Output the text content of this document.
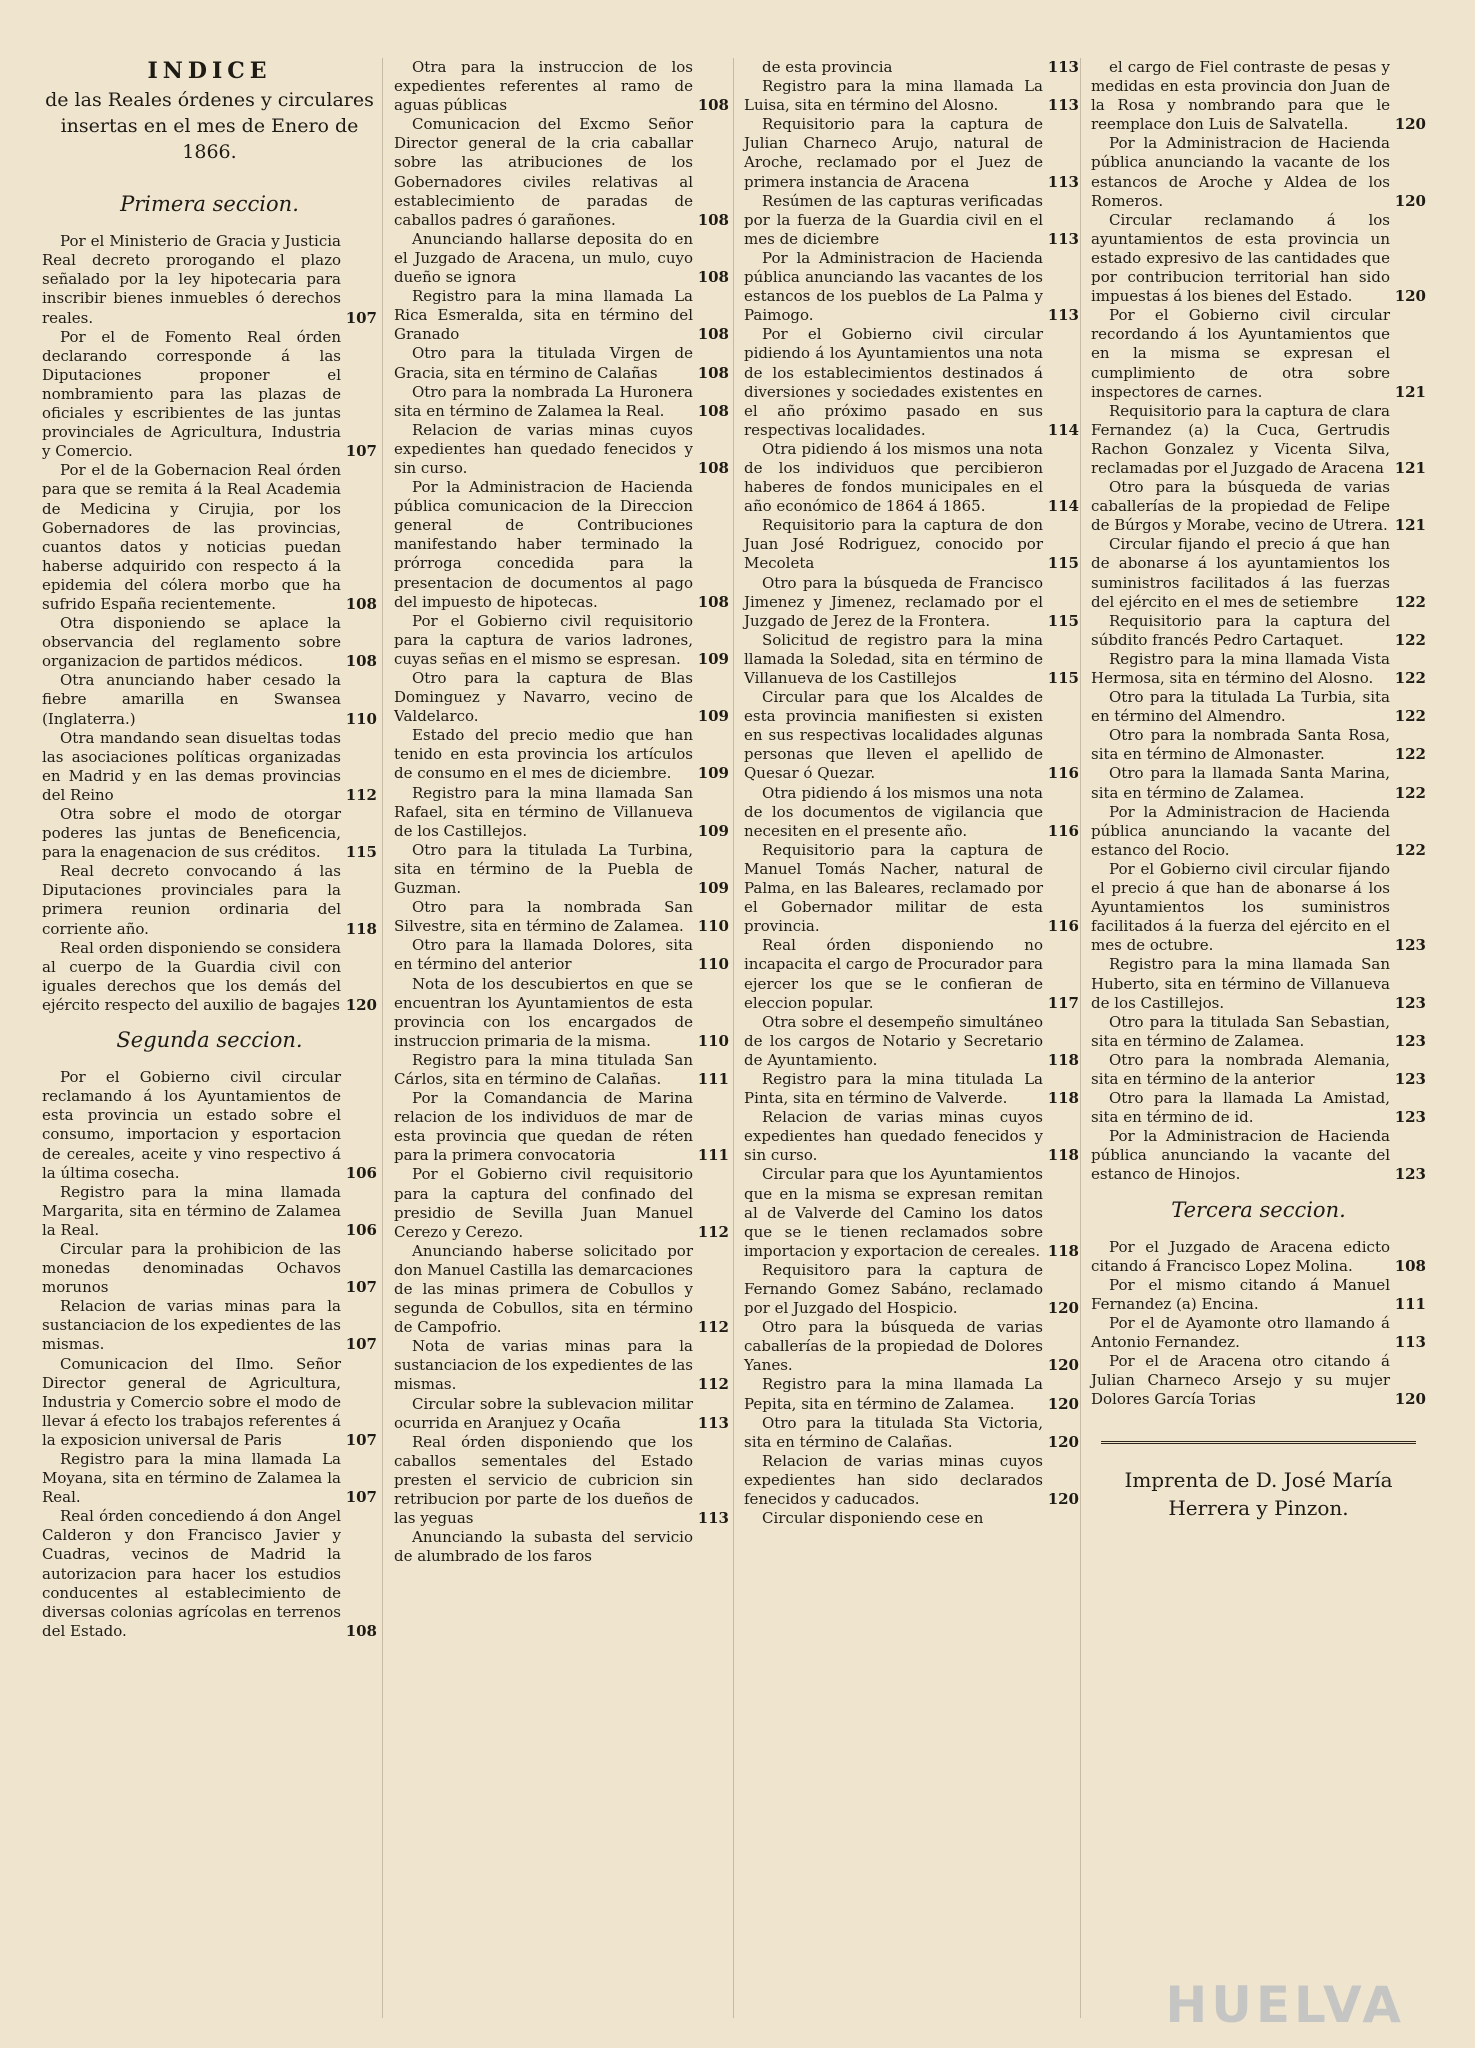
INDICE
de las Reales órdenes y circulares insertas en el mes de Enero de 1866.
Primera seccion.

Por el Ministerio de Gracia y Justicia Real decreto prorogando el plazo señalado por la ley hipotecaria para inscribir bienes inmuebles ó derechos reales.	107

Por el de Fomento Real órden declarando corresponde á las Diputaciones proponer el nombramiento para las plazas de oficiales y escribientes de las juntas provinciales de Agricultura, Industria y Comercio.	107

Por el de la Gobernacion Real órden para que se remita á la Real Academia de Medicina y Cirujia, por los Gobernadores de las provincias, cuantos datos y noticias puedan haberse adquirido con respecto á la epidemia del cólera morbo que ha sufrido España recientemente.	108

Otra disponiendo se aplace la observancia del reglamento sobre organizacion de partidos médicos.	108

Otra anunciando haber cesado la fiebre amarilla en Swansea (Inglaterra.)	110

Otra mandando sean disueltas todas las asociaciones políticas organizadas en Madrid y en las demas provincias del Reino	112

Otra sobre el modo de otorgar poderes las juntas de Beneficencia, para la enagenacion de sus créditos. 115

Real decreto convocando á las Diputaciones provinciales para la primera reunion ordinaria del corriente año.	118

Real orden disponiendo se considera al cuerpo de la Guardia civil con iguales derechos que los demás del ejército respecto del auxilio de bagajes 120

Segunda seccion.

Por el Gobierno civil circular reclamando á los Ayuntamientos de esta provincia un estado sobre el consumo, importacion y esportacion de cereales, aceite y vino respectivo á la última cosecha.	106

Registro para la mina llamada Margarita, sita en término de Zalamea la Real.	106

Circular para la prohibicion de las monedas denominadas Ochavos morunos	107

Relacion de varias minas para la sustanciacion de los expedientes de las mismas.	107

Comunicacion del Ilmo. Señor Director general de Agricultura, Industria y Comercio sobre el modo de llevar á efecto los trabajos referentes á la exposicion universal de Paris	107

Registro para la mina llamada La Moyana, sita en término de Zalamea la Real.	107

Real órden concediendo á don Angel Calderon y don Francisco Javier y Cuadras, vecinos de Madrid la autorizacion para hacer los estudios conducentes al establecimiento de diversas colonias agrícolas en terrenos del Estado.	108

Otra para la instruccion de los expedientes referentes al ramo de aguas públicas	108

Comunicacion del Excmo Señor Director general de la cria caballar sobre las atribuciones de los Gobernadores civiles relativas al establecimiento de paradas de caballos padres ó garañones.	108

Anunciando hallarse deposita do en el Juzgado de Aracena, un mulo, cuyo dueño se ignora	108

Registro para la mina llamada La Rica Esmeralda, sita en término del Granado	108

Otro para la titulada Virgen de Gracia, sita en término de Calañas	108

Otro para la nombrada La Huronera sita en término de Zalamea la Real. 108

Relacion de varias minas cuyos expedientes han quedado fenecidos y sin curso.	108

Por la Administracion de Hacienda pública comunicacion de la Direccion general de Contribuciones manifestando haber terminado la prórroga concedida para la presentacion de documentos al pago del impuesto de hipotecas.	108

Por el Gobierno civil requisitorio para la captura de varios ladrones, cuyas señas en el mismo se espresan. 109

Otro para la captura de Blas Dominguez y Navarro, vecino de Valdelarco.	109

Estado del precio medio que han tenido en esta provincia los artículos de consumo en el mes de diciembre. 109

Registro para la mina llamada San Rafael, sita en término de Villanueva de los Castillejos.	109

Otro para la titulada La Turbina, sita en término de la Puebla de Guzman.	109

Otro para la nombrada San Silvestre, sita en término de Zalamea. 110

Otro para la llamada Dolores, sita en término del anterior	110

Nota de los descubiertos en que se encuentran los Ayuntamientos de esta provincia con los encargados de instruccion primaria de la misma.	110

Registro para la mina titulada San Cárlos, sita en término de Calañas. 111

Por la Comandancia de Marina relacion de los individuos de mar de esta provincia que quedan de réten para la primera convocatoria	111

Por el Gobierno civil requisitorio para la captura del confinado del presidio de Sevilla Juan Manuel Cerezo y Cerezo.	112

Anunciando haberse solicitado por don Manuel Castilla las demarcaciones de las minas primera de Cobullos y segunda de Cobullos, sita en término de Campofrio.	112

Nota de varias minas para la sustanciacion de los expedientes de las mismas.	112

Circular sobre la sublevacion militar ocurrida en Aranjuez y Ocaña	113

Real órden disponiendo que los caballos sementales del Estado presten el servicio de cubricion sin retribucion por parte de los dueños de las yeguas	113

Anunciando la subasta del servicio de alumbrado de los faros

de esta provincia	113

Registro para la mina llamada La Luisa, sita en término del Alosno.	113

Requisitorio para la captura de Julian Charneco Arujo, natural de Aroche, reclamado por el Juez de primera instancia de Aracena	113

Resúmen de las capturas verificadas por la fuerza de la Guardia civil en el mes de diciembre	113

Por la Administracion de Hacienda pública anunciando las vacantes de los estancos de los pueblos de La Palma y Paimogo.	113

Por el Gobierno civil circular pidiendo á los Ayuntamientos una nota de los establecimientos destinados á diversiones y sociedades existentes en el año próximo pasado en sus respectivas localidades.	114

Otra pidiendo á los mismos una nota de los individuos que percibieron haberes de fondos municipales en el año económico de 1864 á 1865.	114

Requisitorio para la captura de don Juan José Rodriguez, conocido por Mecoleta	115

Otro para la búsqueda de Francisco Jimenez y Jimenez, reclamado por el Juzgado de Jerez de la Frontera.	115

Solicitud de registro para la mina llamada la Soledad, sita en término de Villanueva de los Castillejos	115

Circular para que los Alcaldes de esta provincia manifiesten si existen en sus respectivas localidades algunas personas que lleven el apellido de Quesar ó Quezar.	116

Otra pidiendo á los mismos una nota de los documentos de vigilancia que necesiten en el presente año.	116

Requisitorio para la captura de Manuel Tomás Nacher, natural de Palma, en las Baleares, reclamado por el Gobernador militar de esta provincia.	116

Real órden disponiendo no incapacita el cargo de Procurador para ejercer los que se le confieran de eleccion popular.	117

Otra sobre el desempeño simultáneo de los cargos de Notario y Secretario de Ayuntamiento.	118

Registro para la mina titulada La Pinta, sita en término de Valverde.	118

Relacion de varias minas cuyos expedientes han quedado fenecidos y sin curso.	118

Circular para que los Ayuntamientos que en la misma se expresan remitan al de Valverde del Camino los datos que se le tienen reclamados sobre importacion y exportacion de cereales. 118

Requisitoro para la captura de Fernando Gomez Sabáno, reclamado por el Juzgado del Hospicio.	120

Otro para la búsqueda de varias caballerías de la propiedad de Dolores Yanes.	120

Registro para la mina llamada La Pepita, sita en término de Zalamea. 120

Otro para la titulada Sta Victoria, sita en término de Calañas.	120

Relacion de varias minas cuyos expedientes han sido declarados fenecidos y caducados.	120

Circular disponiendo cese en

el cargo de Fiel contraste de pesas y medidas en esta provincia don Juan de la Rosa y nombrando para que le reemplace don Luis de Salvatella.	120

Por la Administracion de Hacienda pública anunciando la vacante de los estancos de Aroche y Aldea de los Romeros.	120

Circular reclamando á los ayuntamientos de esta provincia un estado expresivo de las cantidades que por contribucion territorial han sido impuestas á los bienes del Estado.	120

Por el Gobierno civil circular recordando á los Ayuntamientos que en la misma se expresan el cumplimiento de otra sobre inspectores de carnes.	121

Requisitorio para la captura de clara Fernandez (a) la Cuca, Gertrudis Rachon Gonzalez y Vicenta Silva, reclamadas por el Juzgado de Aracena 121

Otro para la búsqueda de varias caballerías de la propiedad de Felipe de Búrgos y Morabe, vecino de Utrera. 121

Circular fijando el precio á que han de abonarse á los ayuntamientos los suministros facilitados á las fuerzas del ejército en el mes de setiembre 122

Requisitorio para la captura del súbdito francés Pedro Cartaquet.	122

Registro para la mina llamada Vista Hermosa, sita en término del Alosno. 122

Otro para la titulada La Turbia, sita en término del Almendro.	122

Otro para la nombrada Santa Rosa, sita en término de Almonaster.	122

Otro para la llamada Santa Marina, sita en término de Zalamea.	122

Por la Administracion de Hacienda pública anunciando la vacante del estanco del Rocio.	122

Por el Gobierno civil circular fijando el precio á que han de abonarse á los Ayuntamientos los suministros facilitados á la fuerza del ejército en el mes de octubre.	123

Registro para la mina llamada San Huberto, sita en término de Villanueva de los Castillejos.	123

Otro para la titulada San Sebastian, sita en término de Zalamea.	123

Otro para la nombrada Alemania, sita en término de la anterior	123

Otro para la llamada La Amistad, sita en término de id.	123

Por la Administracion de Hacienda pública anunciando la vacante del estanco de Hinojos.	123

Tercera seccion.

Por el Juzgado de Aracena edicto citando á Francisco Lopez Molina.	108

Por el mismo citando á Manuel Fernandez (a) Encina.	111

Por el de Ayamonte otro llamando á Antonio Fernandez.	113

Por el de Aracena otro citando á Julian Charneco Arsejo y su mujer Dolores García Torias	120

Imprenta de D. José María Herrera y Pinzon.
HUELVA
